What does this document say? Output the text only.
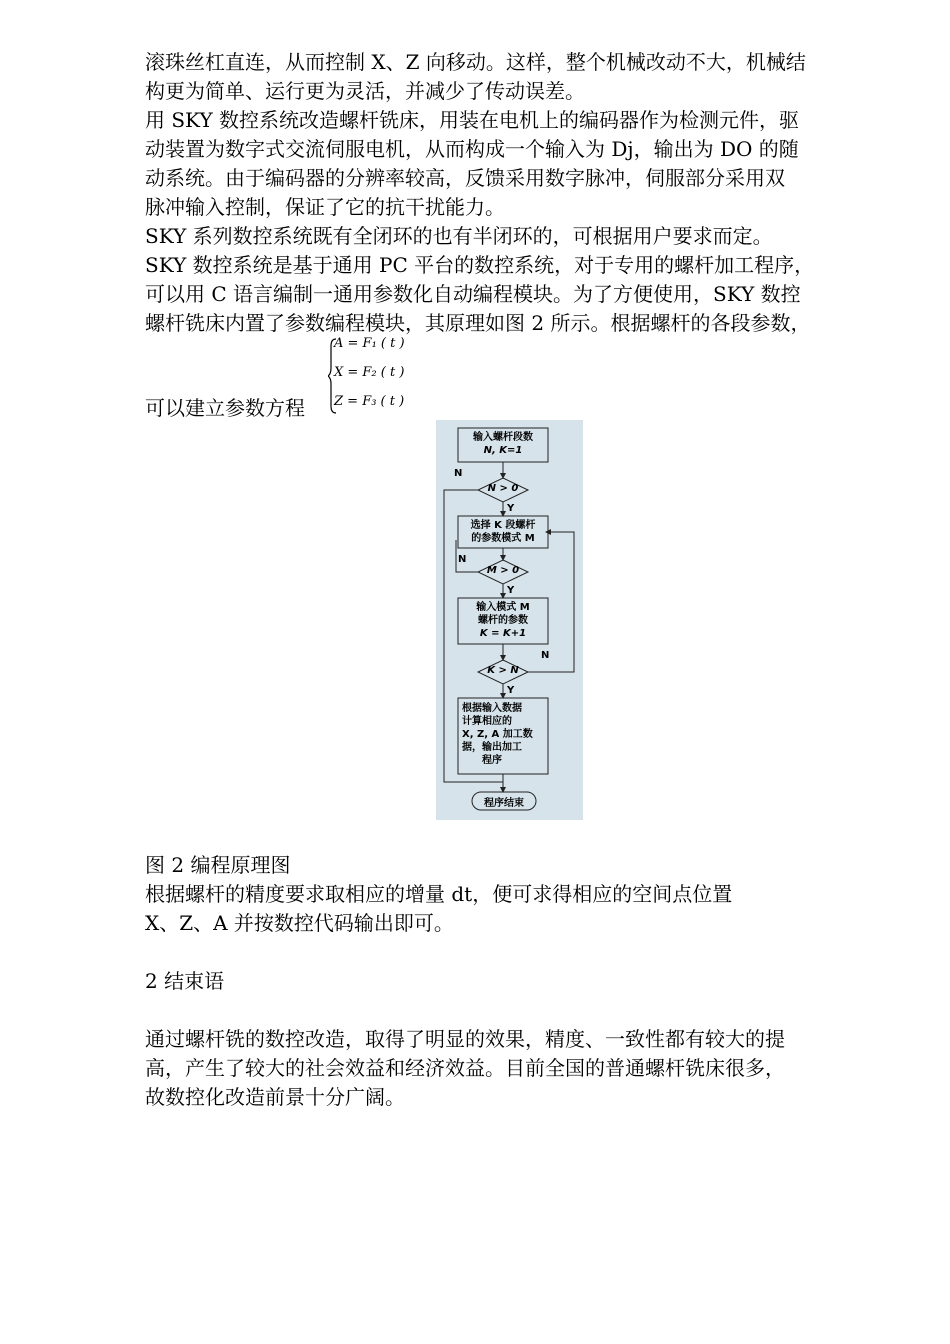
滚珠丝杠直连，从而控制 X、Z 向移动。这样，整个机械改动不大，机械结
构更为简单、运行更为灵活，并减少了传动误差。
用 SKY 数控系统改造螺杆铣床，用装在电机上的编码器作为检测元件，驱
动装置为数字式交流伺服电机，从而构成一个输入为 Dj，输出为 DO 的随
动系统。由于编码器的分辨率较高，反馈采用数字脉冲，伺服部分采用双
脉冲输入控制，保证了它的抗干扰能力。
SKY 系列数控系统既有全闭环的也有半闭环的，可根据用户要求而定。
SKY 数控系统是基于通用 PC 平台的数控系统，对于专用的螺杆加工程序，
可以用 C 语言编制一通用参数化自动编程模块。为了方便使用，SKY 数控
螺杆铣床内置了参数编程模块，其原理如图 2 所示。根据螺杆的各段参数，
可以建立参数方程
A = F₁ ( t )
X = F₂ ( t )
Z = F₃ ( t )
输入螺杆段数
N, K=1
N > 0
选择 K 段螺杆
的参数模式 M
M > 0
输入模式 M
螺杆的参数
K = K+1
K > N
根据输入数据
计算相应的
X, Z, A 加工数
据，输出加工
程序
程序结束
Y
Y
Y
N
N
N
图 2 编程原理图
根据螺杆的精度要求取相应的增量 dt，便可求得相应的空间点位置
X、Z、A 并按数控代码输出即可。
2 结束语
通过螺杆铣的数控改造，取得了明显的效果，精度、一致性都有较大的提
高，产生了较大的社会效益和经济效益。目前全国的普通螺杆铣床很多，
故数控化改造前景十分广阔。
